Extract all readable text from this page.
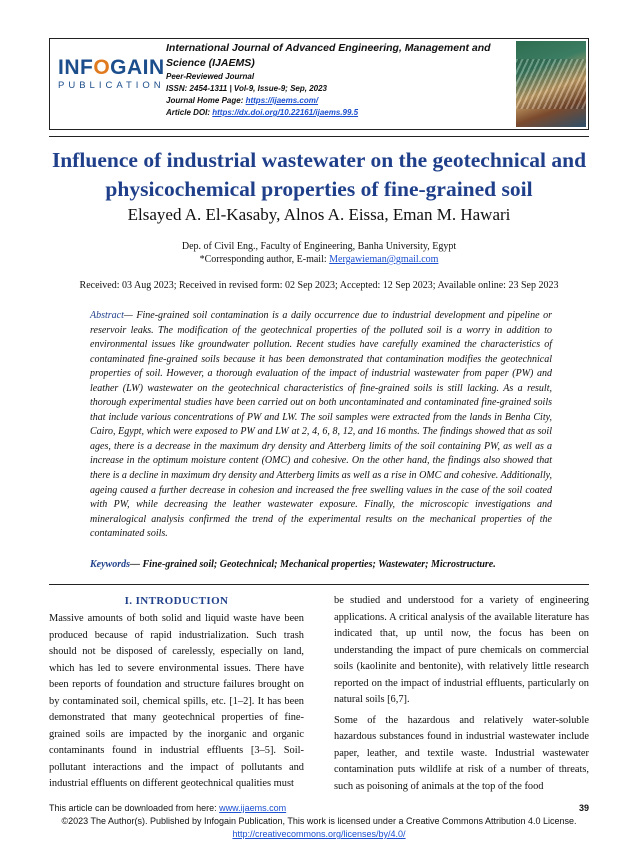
INFOGAIN
PUBLICATION
International Journal of Advanced Engineering, Management and Science (IJAEMS)
Peer-Reviewed Journal
ISSN: 2454-1311 | Vol-9, Issue-9; Sep, 2023
Journal Home Page: https://ijaems.com/
Article DOI: https://dx.doi.org/10.22161/ijaems.99.5
Influence of industrial wastewater on the geotechnical and physicochemical properties of fine-grained soil
Elsayed A. El-Kasaby, Alnos A. Eissa, Eman M. Hawari
Dep. of Civil Eng., Faculty of Engineering, Banha University, Egypt
*Corresponding author, E-mail: Mergawieman@gmail.com
Received: 03 Aug 2023; Received in revised form: 02 Sep 2023; Accepted: 12 Sep 2023; Available online: 23 Sep 2023
Abstract— Fine-grained soil contamination is a daily occurrence due to industrial development and pipeline or reservoir leaks. The modification of the geotechnical properties of the polluted soil is a worry in addition to environmental issues like groundwater pollution. Recent studies have carefully examined the characteristics of contaminated fine-grained soils because it has been demonstrated that contamination modifies the geotechnical properties of soil. However, a thorough evaluation of the impact of industrial wastewater from paper (PW) and leather (LW) wastewater on the geotechnical characteristics of fine-grained soils is still lacking. As a result, thorough experimental studies have been carried out on both uncontaminated and contaminated fine-grained soils that include various concentrations of PW and LW. The soil samples were extracted from the lands in Benha City, Cairo, Egypt, which were exposed to PW and LW at 2, 4, 6, 8, 12, and 16 months. The findings showed that as soil ages, there is a decrease in the maximum dry density and Atterberg limits of the soil containing PW, as well as a increase in the optimum moisture content (OMC) and cohesive. On the other hand, the findings also showed that there is a decline in maximum dry density and Atterberg limits as well as a rise in OMC and cohesive. Additionally, ageing caused a further decrease in cohesion and increased the free swelling values in the case of the soil coated with PW, while decreasing the leather wastewater exposure. Finally, the microscopic investigations and mineralogical analysis confirmed the trend of the experimental results on the mechanical properties of the contaminated soils.
Keywords— Fine-grained soil; Geotechnical; Mechanical properties; Wastewater; Microstructure.
I. INTRODUCTION

Massive amounts of both solid and liquid waste have been produced because of rapid industrialization. Such trash should not be disposed of carelessly, especially on land, which has led to severe environmental issues. There have been reports of foundation and structure failures brought on by contaminated soil, chemical spills, etc. [1–2]. It has been demonstrated that many geotechnical properties of fine-grained soils are impacted by the inorganic and organic contaminants found in industrial effluents [3–5]. Soil-pollutant interactions and the impact of pollutants and industrial effluents on different geotechnical qualities must

be studied and understood for a variety of engineering applications. A critical analysis of the available literature has indicated that, up until now, the focus has been on understanding the impact of pure chemicals on commercial soils (kaolinite and bentonite), with relatively little research reported on the impact of industrial effluents, particularly on natural soils [6,7].

Some of the hazardous and relatively water-soluble hazardous substances found in industrial wastewater include paper, leather, and textile waste. Industrial wastewater contamination puts wildlife at risk of a number of threats, such as poisoning of animals at the top of the food

This article can be downloaded from here: www.ijaems.com	39
©2023 The Author(s). Published by Infogain Publication, This work is licensed under a Creative Commons Attribution 4.0 License.
http://creativecommons.org/licenses/by/4.0/
